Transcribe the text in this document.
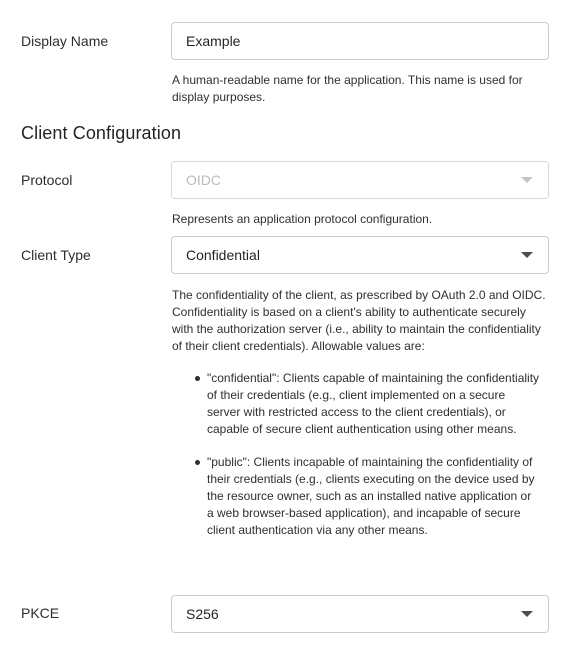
Display Name	Example
A human-readable name for the application. This name is used for display purposes.
Client Configuration
Protocol	OIDC
Represents an application protocol configuration.
Client Type	Confidential
The confidentiality of the client, as prescribed by OAuth 2.0 and OIDC. Confidentiality is based on a client's ability to authenticate securely with the authorization server (i.e., ability to maintain the confidentiality of their client credentials). Allowable values are:
"confidential": Clients capable of maintaining the confidentiality of their credentials (e.g., client implemented on a secure server with restricted access to the client credentials), or capable of secure client authentication using other means.
"public": Clients incapable of maintaining the confidentiality of their credentials (e.g., clients executing on the device used by the resource owner, such as an installed native application or a web browser-based application), and incapable of secure client authentication via any other means.
PKCE	S256
